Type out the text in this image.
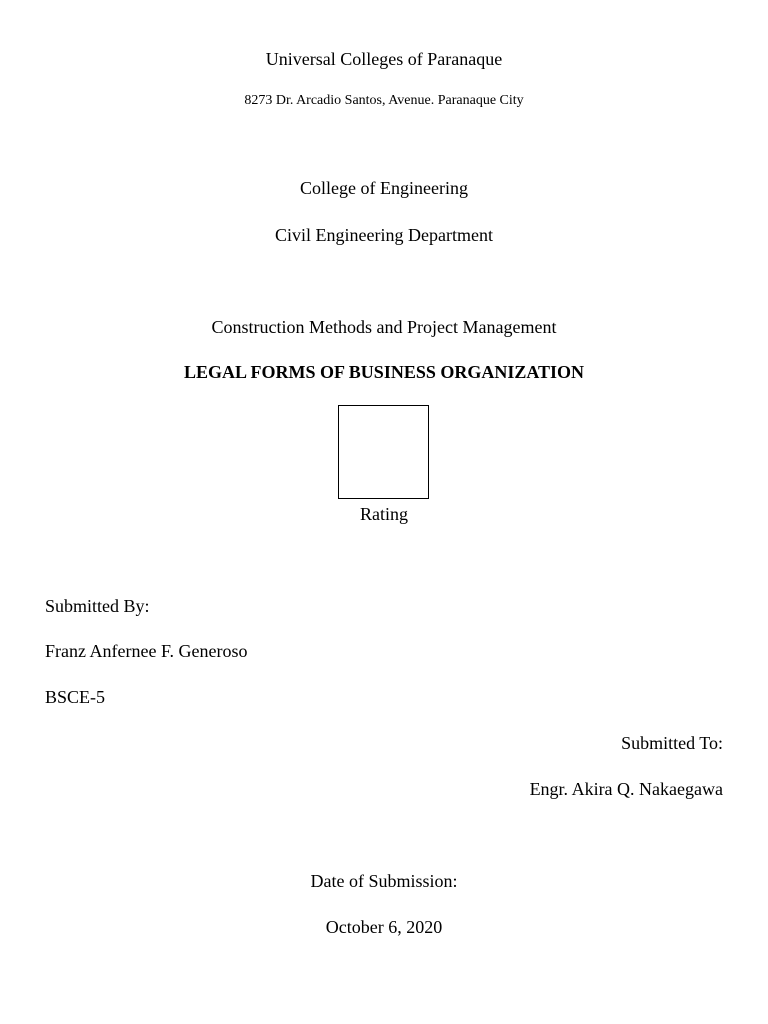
Universal Colleges of Paranaque
8273 Dr. Arcadio Santos, Avenue. Paranaque City
College of Engineering
Civil Engineering Department
Construction Methods and Project Management
LEGAL FORMS OF BUSINESS ORGANIZATION
Rating
Submitted By:
Franz Anfernee F. Generoso
BSCE-5
Submitted To:
Engr. Akira Q. Nakaegawa
Date of Submission:
October 6, 2020
